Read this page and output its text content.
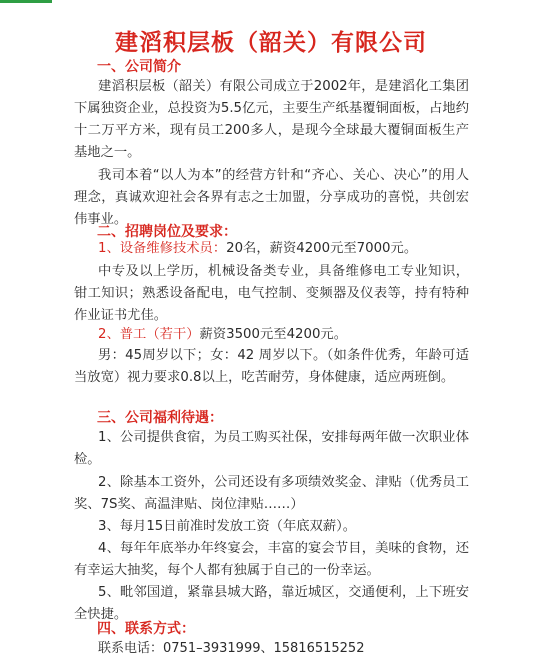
建滔积层板（韶关）有限公司
一、公司简介

建滔积层板（韶关）有限公司成立于2002年，是建滔化工集团下属独资企业，总投资为5.5亿元，主要生产纸基覆铜面板，占地约十二万平方米，现有员工200多人，是现今全球最大覆铜面板生产基地之一。

我司本着“以人为本”的经营方针和“齐心、关心、决心”的用人理念，真诚欢迎社会各界有志之士加盟，分享成功的喜悦，共创宏伟事业。

二、招聘岗位及要求：

1、设备维修技术员：20名，薪资4200元至7000元。

中专及以上学历，机械设备类专业，具备维修电工专业知识，钳工知识；熟悉设备配电，电气控制、变频器及仪表等，持有特种作业证书尤佳。

2、普工（若干）薪资3500元至4200元。

男：45周岁以下；女：42 周岁以下。（如条件优秀，年龄可适当放宽）视力要求0.8以上，吃苦耐劳，身体健康，适应两班倒。

三、公司福利待遇：

1、公司提供食宿，为员工购买社保，安排每两年做一次职业体检。

2、除基本工资外，公司还设有多项绩效奖金、津贴（优秀员工奖、7S奖、高温津贴、岗位津贴……）

3、每月15日前准时发放工资（年底双薪）。

4、每年年底举办年终宴会，丰富的宴会节目，美味的食物，还有幸运大抽奖，每个人都有独属于自己的一份幸运。

5、毗邻国道，紧靠县城大路，靠近城区，交通便利，上下班安全快捷。

四、联系方式：

联系电话：0751–3931999、15816515252
